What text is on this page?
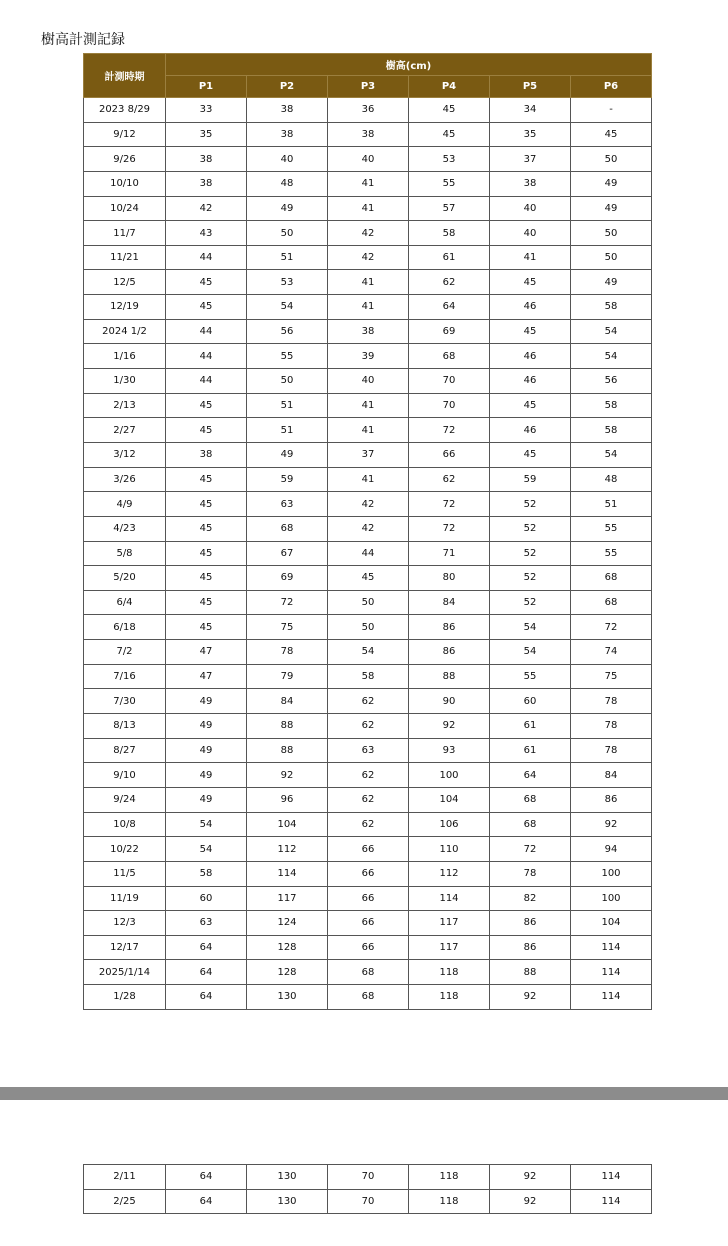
樹高計測記録
計測時期	樹高(cm)					
	P1	P2	P3	P4	P5	P6
2023 8/29	33	38	36	45	34	-
9/12	35	38	38	45	35	45
9/26	38	40	40	53	37	50
10/10	38	48	41	55	38	49
10/24	42	49	41	57	40	49
11/7	43	50	42	58	40	50
11/21	44	51	42	61	41	50
12/5	45	53	41	62	45	49
12/19	45	54	41	64	46	58
2024 1/2	44	56	38	69	45	54
1/16	44	55	39	68	46	54
1/30	44	50	40	70	46	56
2/13	45	51	41	70	45	58
2/27	45	51	41	72	46	58
3/12	38	49	37	66	45	54
3/26	45	59	41	62	59	48
4/9	45	63	42	72	52	51
4/23	45	68	42	72	52	55
5/8	45	67	44	71	52	55
5/20	45	69	45	80	52	68
6/4	45	72	50	84	52	68
6/18	45	75	50	86	54	72
7/2	47	78	54	86	54	74
7/16	47	79	58	88	55	75
7/30	49	84	62	90	60	78
8/13	49	88	62	92	61	78
8/27	49	88	63	93	61	78
9/10	49	92	62	100	64	84
9/24	49	96	62	104	68	86
10/8	54	104	62	106	68	92
10/22	54	112	66	110	72	94
11/5	58	114	66	112	78	100
11/19	60	117	66	114	82	100
12/3	63	124	66	117	86	104
12/17	64	128	66	117	86	114
2025/1/14	64	128	68	118	88	114
1/28	64	130	68	118	92	114
2/11	64	130	70	118	92	114
2/25	64	130	70	118	92	114
